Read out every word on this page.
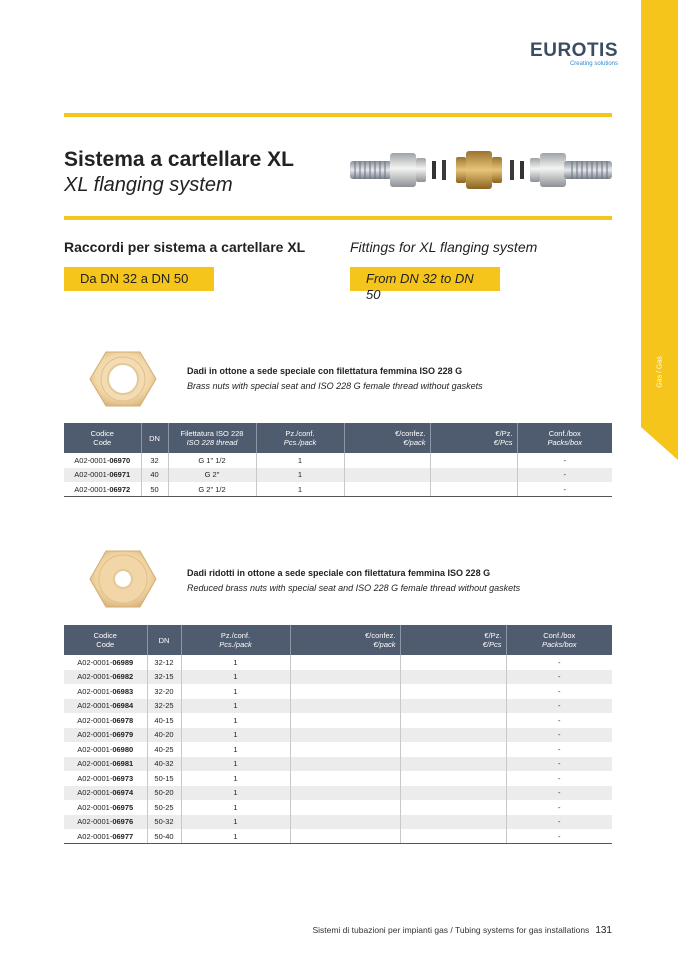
Gas / Gas
EUROTIS
Creating solutions
Sistema a cartellare XL
XL flanging system
Raccordi per sistema a cartellare XL	Fittings for XL flanging system
Da DN 32 a DN 50	From DN 32 to DN 50
Dadi in ottone a sede speciale con filettatura femmina ISO 228 G
Brass nuts with special seat and ISO 228 G female thread without gaskets
Codice
Code	DN	Filettatura ISO 228
ISO 228 thread	Pz./conf.
Pcs./pack	€/confez.
€/pack	€/Pz.
€/Pcs	Conf./box
Packs/box

A02-0001-06970	32	G 1" 1/2	1			-
A02-0001-06971	40	G 2"	1			-
A02-0001-06972	50	G 2" 1/2	1			-
Dadi ridotti in ottone a sede speciale con filettatura femmina ISO 228 G
Reduced brass nuts with special seat and ISO 228 G female thread without gaskets
Codice
Code	DN	Pz./conf.
Pcs./pack	€/confez.
€/pack	€/Pz.
€/Pcs	Conf./box
Packs/box

A02-0001-06989	32-12	1			-
A02-0001-06982	32-15	1			-
A02-0001-06983	32-20	1			-
A02-0001-06984	32-25	1			-
A02-0001-06978	40-15	1			-
A02-0001-06979	40-20	1			-
A02-0001-06980	40-25	1			-
A02-0001-06981	40-32	1			-
A02-0001-06973	50-15	1			-
A02-0001-06974	50-20	1			-
A02-0001-06975	50-25	1			-
A02-0001-06976	50-32	1			-
A02-0001-06977	50-40	1			-
Sistemi di tubazioni per impianti gas / Tubing systems for gas installations 131
